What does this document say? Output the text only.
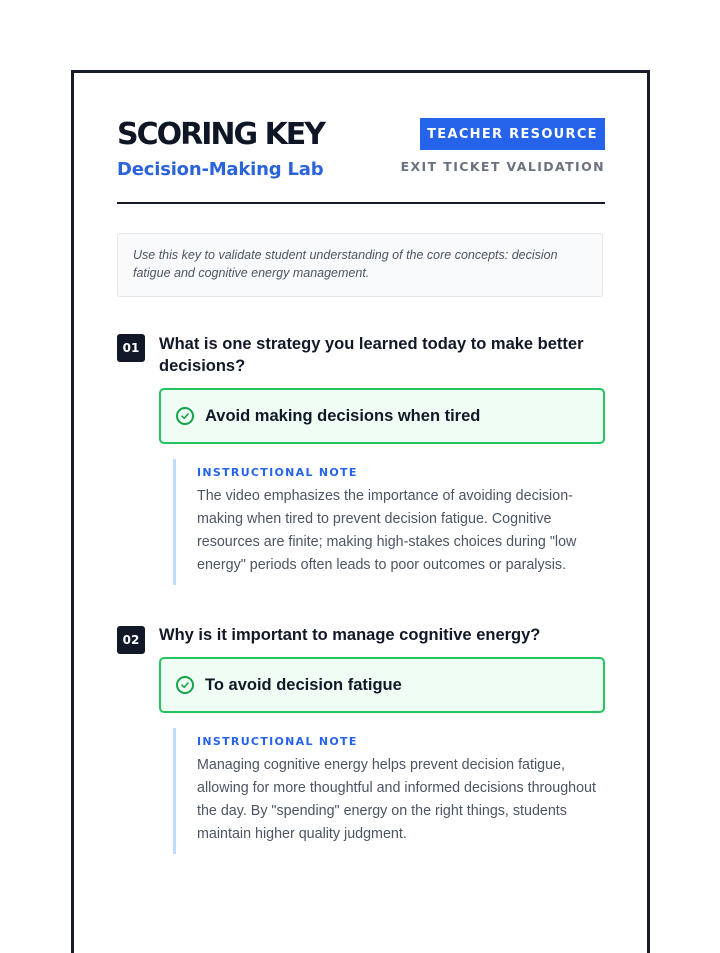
SCORING KEY
Decision-Making Lab
TEACHER RESOURCE
EXIT TICKET VALIDATION
Use this key to validate student understanding of the core concepts: decision fatigue and cognitive energy management.
01	What is one strategy you learned today to make better decisions?
Avoid making decisions when tired
INSTRUCTIONAL NOTE
The video emphasizes the importance of avoiding decision-making when tired to prevent decision fatigue. Cognitive resources are finite; making high-stakes choices during "low energy" periods often leads to poor outcomes or paralysis.
02	Why is it important to manage cognitive energy?
To avoid decision fatigue
INSTRUCTIONAL NOTE
Managing cognitive energy helps prevent decision fatigue, allowing for more thoughtful and informed decisions throughout the day. By "spending" energy on the right things, students maintain higher quality judgment.
